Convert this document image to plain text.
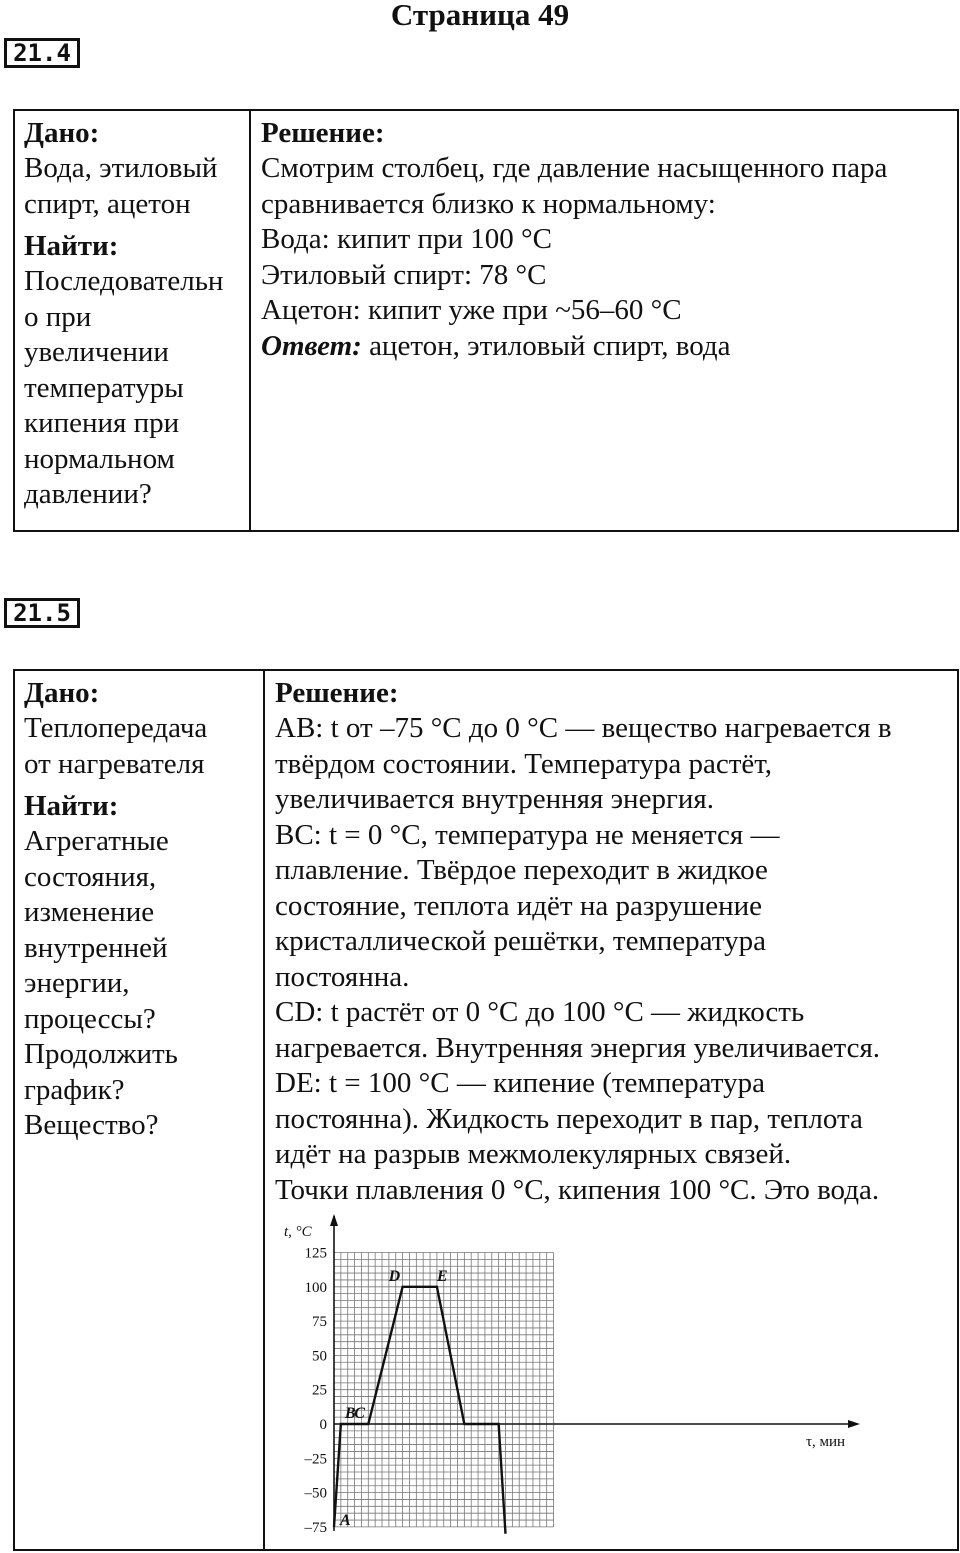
Страница 49
21.4
Дано:
Вода, этиловый
спирт, ацетон
Найти:
Последовательн
о при
увеличении
температуры
кипения при
нормальном
давлении?
Решение:
Смотрим столбец, где давление насыщенного пара
сравнивается близко к нормальному:
Вода: кипит при 100 °C
Этиловый спирт: 78 °C
Ацетон: кипит уже при ~56–60 °C
Ответ: ацетон, этиловый спирт, вода
21.5
Дано:
Теплопередача
от нагревателя
Найти:
Агрегатные
состояния,
изменение
внутренней
энергии,
процессы?
Продолжить
график?
Вещество?
Решение:
AB: t от –75 °C до 0 °C — вещество нагревается в
твёрдом состоянии. Температура растёт,
увеличивается внутренняя энергия.
BC: t = 0 °C, температура не меняется —
плавление. Твёрдое переходит в жидкое
состояние, теплота идёт на разрушение
кристаллической решётки, температура
постоянна.
CD: t растёт от 0 °C до 100 °C — жидкость
нагревается. Внутренняя энергия увеличивается.
DE: t = 100 °C — кипение (температура
постоянна). Жидкость переходит в пар, теплота
идёт на разрыв межмолекулярных связей.
Точки плавления 0 °C, кипения 100 °C. Это вода.
125
100
75
50
25
0
–25
–50
–75
t, °C
τ, мин
A
B
C
D E
